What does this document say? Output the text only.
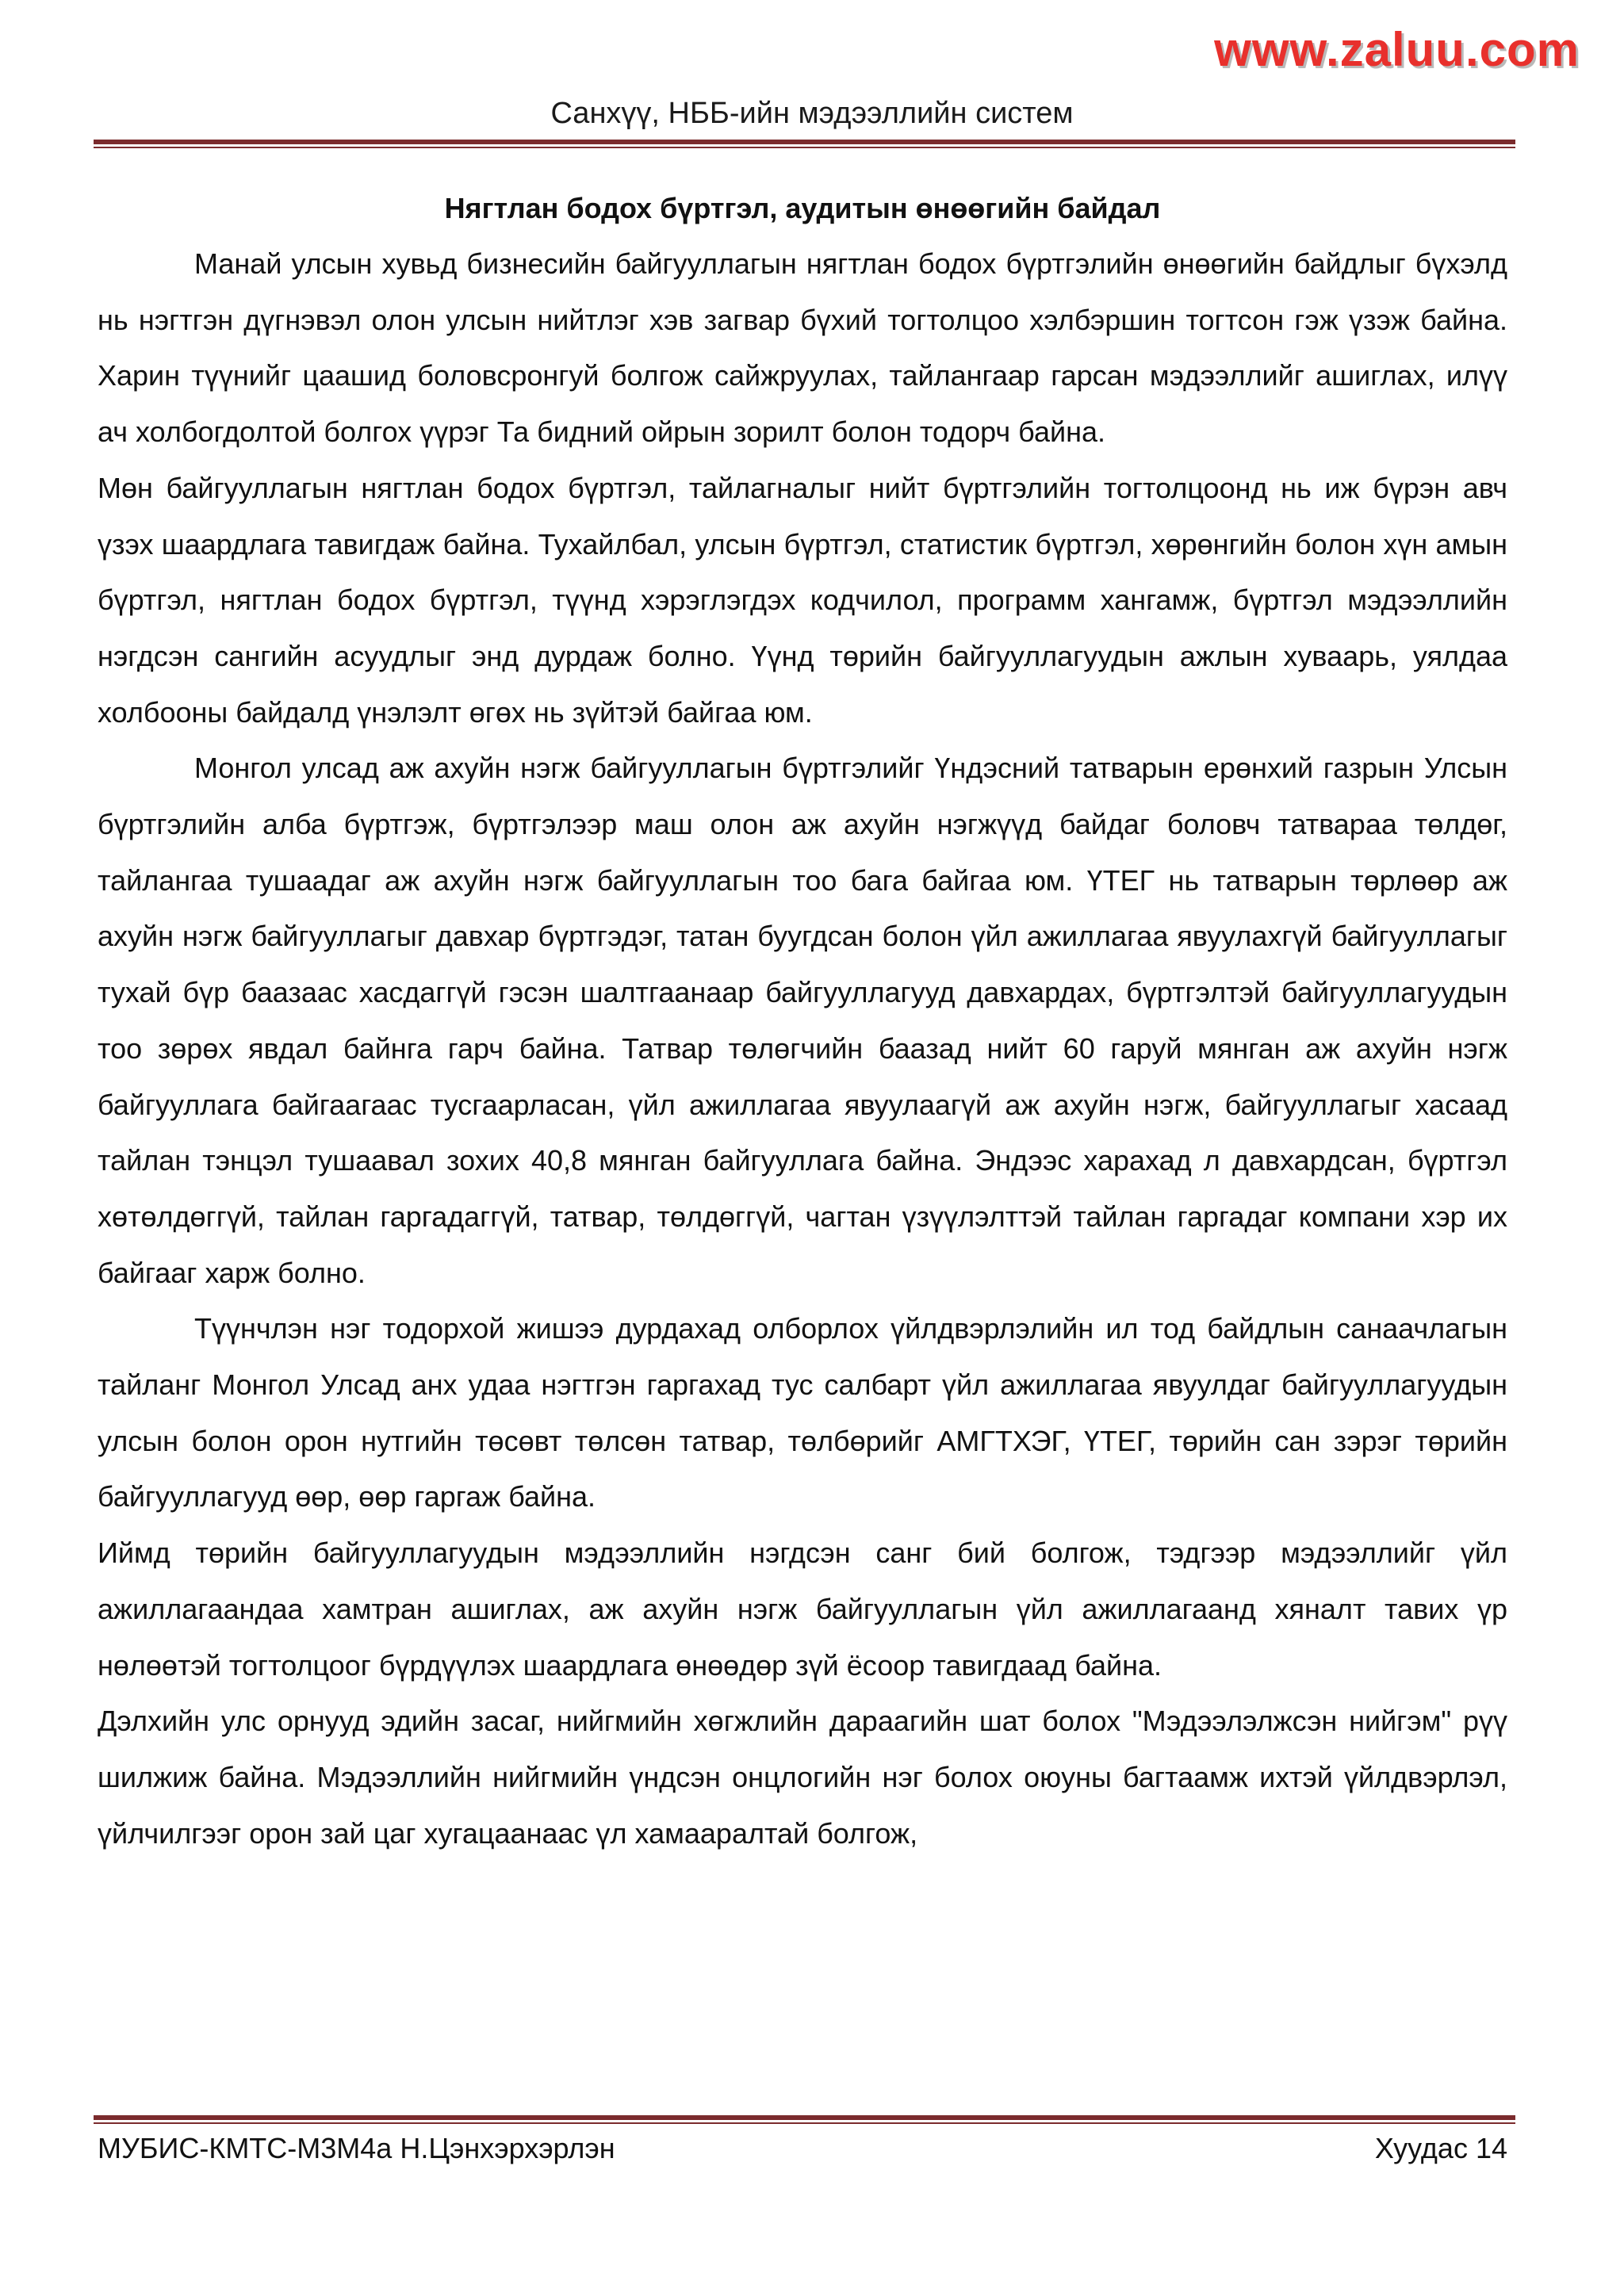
www.zaluu.com
Санхүү, НББ-ийн мэдээллийн систем

Нягтлан бодох бүртгэл, аудитын өнөөгийн байдал

Манай улсын хувьд бизнесийн байгууллагын нягтлан бодох бүртгэлийн өнөөгийн байдлыг бүхэлд нь нэгтгэн дүгнэвэл олон улсын нийтлэг хэв загвар бүхий тогтолцоо хэлбэршин тогтсон гэж үзэж байна. Харин түүнийг цаашид боловсронгуй болгож сайжруулах, тайлангаар гарсан мэдээллийг ашиглах, илүү ач холбогдолтой болгох үүрэг Та бидний ойрын зорилт болон тодорч байна.

Мөн байгууллагын нягтлан бодох бүртгэл, тайлагналыг нийт бүртгэлийн тогтолцоонд нь иж бүрэн авч үзэх шаардлага тавигдаж байна. Тухайлбал, улсын бүртгэл, статистик бүртгэл, хөрөнгийн болон хүн амын бүртгэл, нягтлан бодох бүртгэл, түүнд хэрэглэгдэх кодчилол, программ хангамж, бүртгэл мэдээллийн нэгдсэн сангийн асуудлыг энд дурдаж болно. Үүнд төрийн байгууллагуудын ажлын хуваарь, уялдаа холбооны байдалд үнэлэлт өгөх нь зүйтэй байгаа юм.

Монгол улсад аж ахуйн нэгж байгууллагын бүртгэлийг Үндэсний татварын ерөнхий газрын Улсын бүртгэлийн алба бүртгэж, бүртгэлээр маш олон аж ахуйн нэгжүүд байдаг боловч татвараа төлдөг, тайлангаа тушаадаг аж ахуйн нэгж байгууллагын тоо бага байгаа юм. ҮТЕГ нь татварын төрлөөр аж ахуйн нэгж байгууллагыг давхар бүртгэдэг, татан буугдсан болон үйл ажиллагаа явуулахгүй байгууллагыг тухай бүр баазаас хасдаггүй гэсэн шалтгаанаар байгууллагууд давхардах, бүртгэлтэй байгууллагуудын тоо зөрөх явдал байнга гарч байна. Татвар төлөгчийн баазад нийт 60 гаруй мянган аж ахуйн нэгж байгууллага байгаагаас тусгаарласан, үйл ажиллагаа явуулаагүй аж ахуйн нэгж, байгууллагыг хасаад тайлан тэнцэл тушаавал зохих 40,8 мянган байгууллага байна. Эндээс харахад л давхардсан, бүртгэл хөтөлдөггүй, тайлан гаргадаггүй, татвар, төлдөггүй, чагтан үзүүлэлттэй тайлан гаргадаг компани хэр их байгааг харж болно.

Түүнчлэн нэг тодорхой жишээ дурдахад олборлох үйлдвэрлэлийн ил тод байдлын санаачлагын тайланг Монгол Улсад анх удаа нэгтгэн гаргахад тус салбарт үйл ажиллагаа явуулдаг байгууллагуудын улсын болон орон нутгийн төсөвт төлсөн татвар, төлбөрийг АМГТХЭГ, ҮТЕГ, төрийн сан зэрэг төрийн байгууллагууд өөр, өөр гаргаж байна.

Иймд төрийн байгууллагуудын мэдээллийн нэгдсэн санг бий болгож, тэдгээр мэдээллийг үйл ажиллагаандаа хамтран ашиглах, аж ахуйн нэгж байгууллагын үйл ажиллагаанд хяналт тавих үр нөлөөтэй тогтолцоог бүрдүүлэх шаардлага өнөөдөр зүй ёсоор тавигдаад байна.

Дэлхийн улс орнууд эдийн засаг, нийгмийн хөгжлийн дараагийн шат болох "Мэдээлэлжсэн нийгэм" рүү шилжиж байна. Мэдээллийн нийгмийн үндсэн онцлогийн нэг болох оюуны багтаамж ихтэй үйлдвэрлэл, үйлчилгээг орон зай цаг хугацаанаас үл хамааралтай болгож,

МУБИС-КМТС-М3М4а Н.Цэнхэрхэрлэн	Хуудас 14
